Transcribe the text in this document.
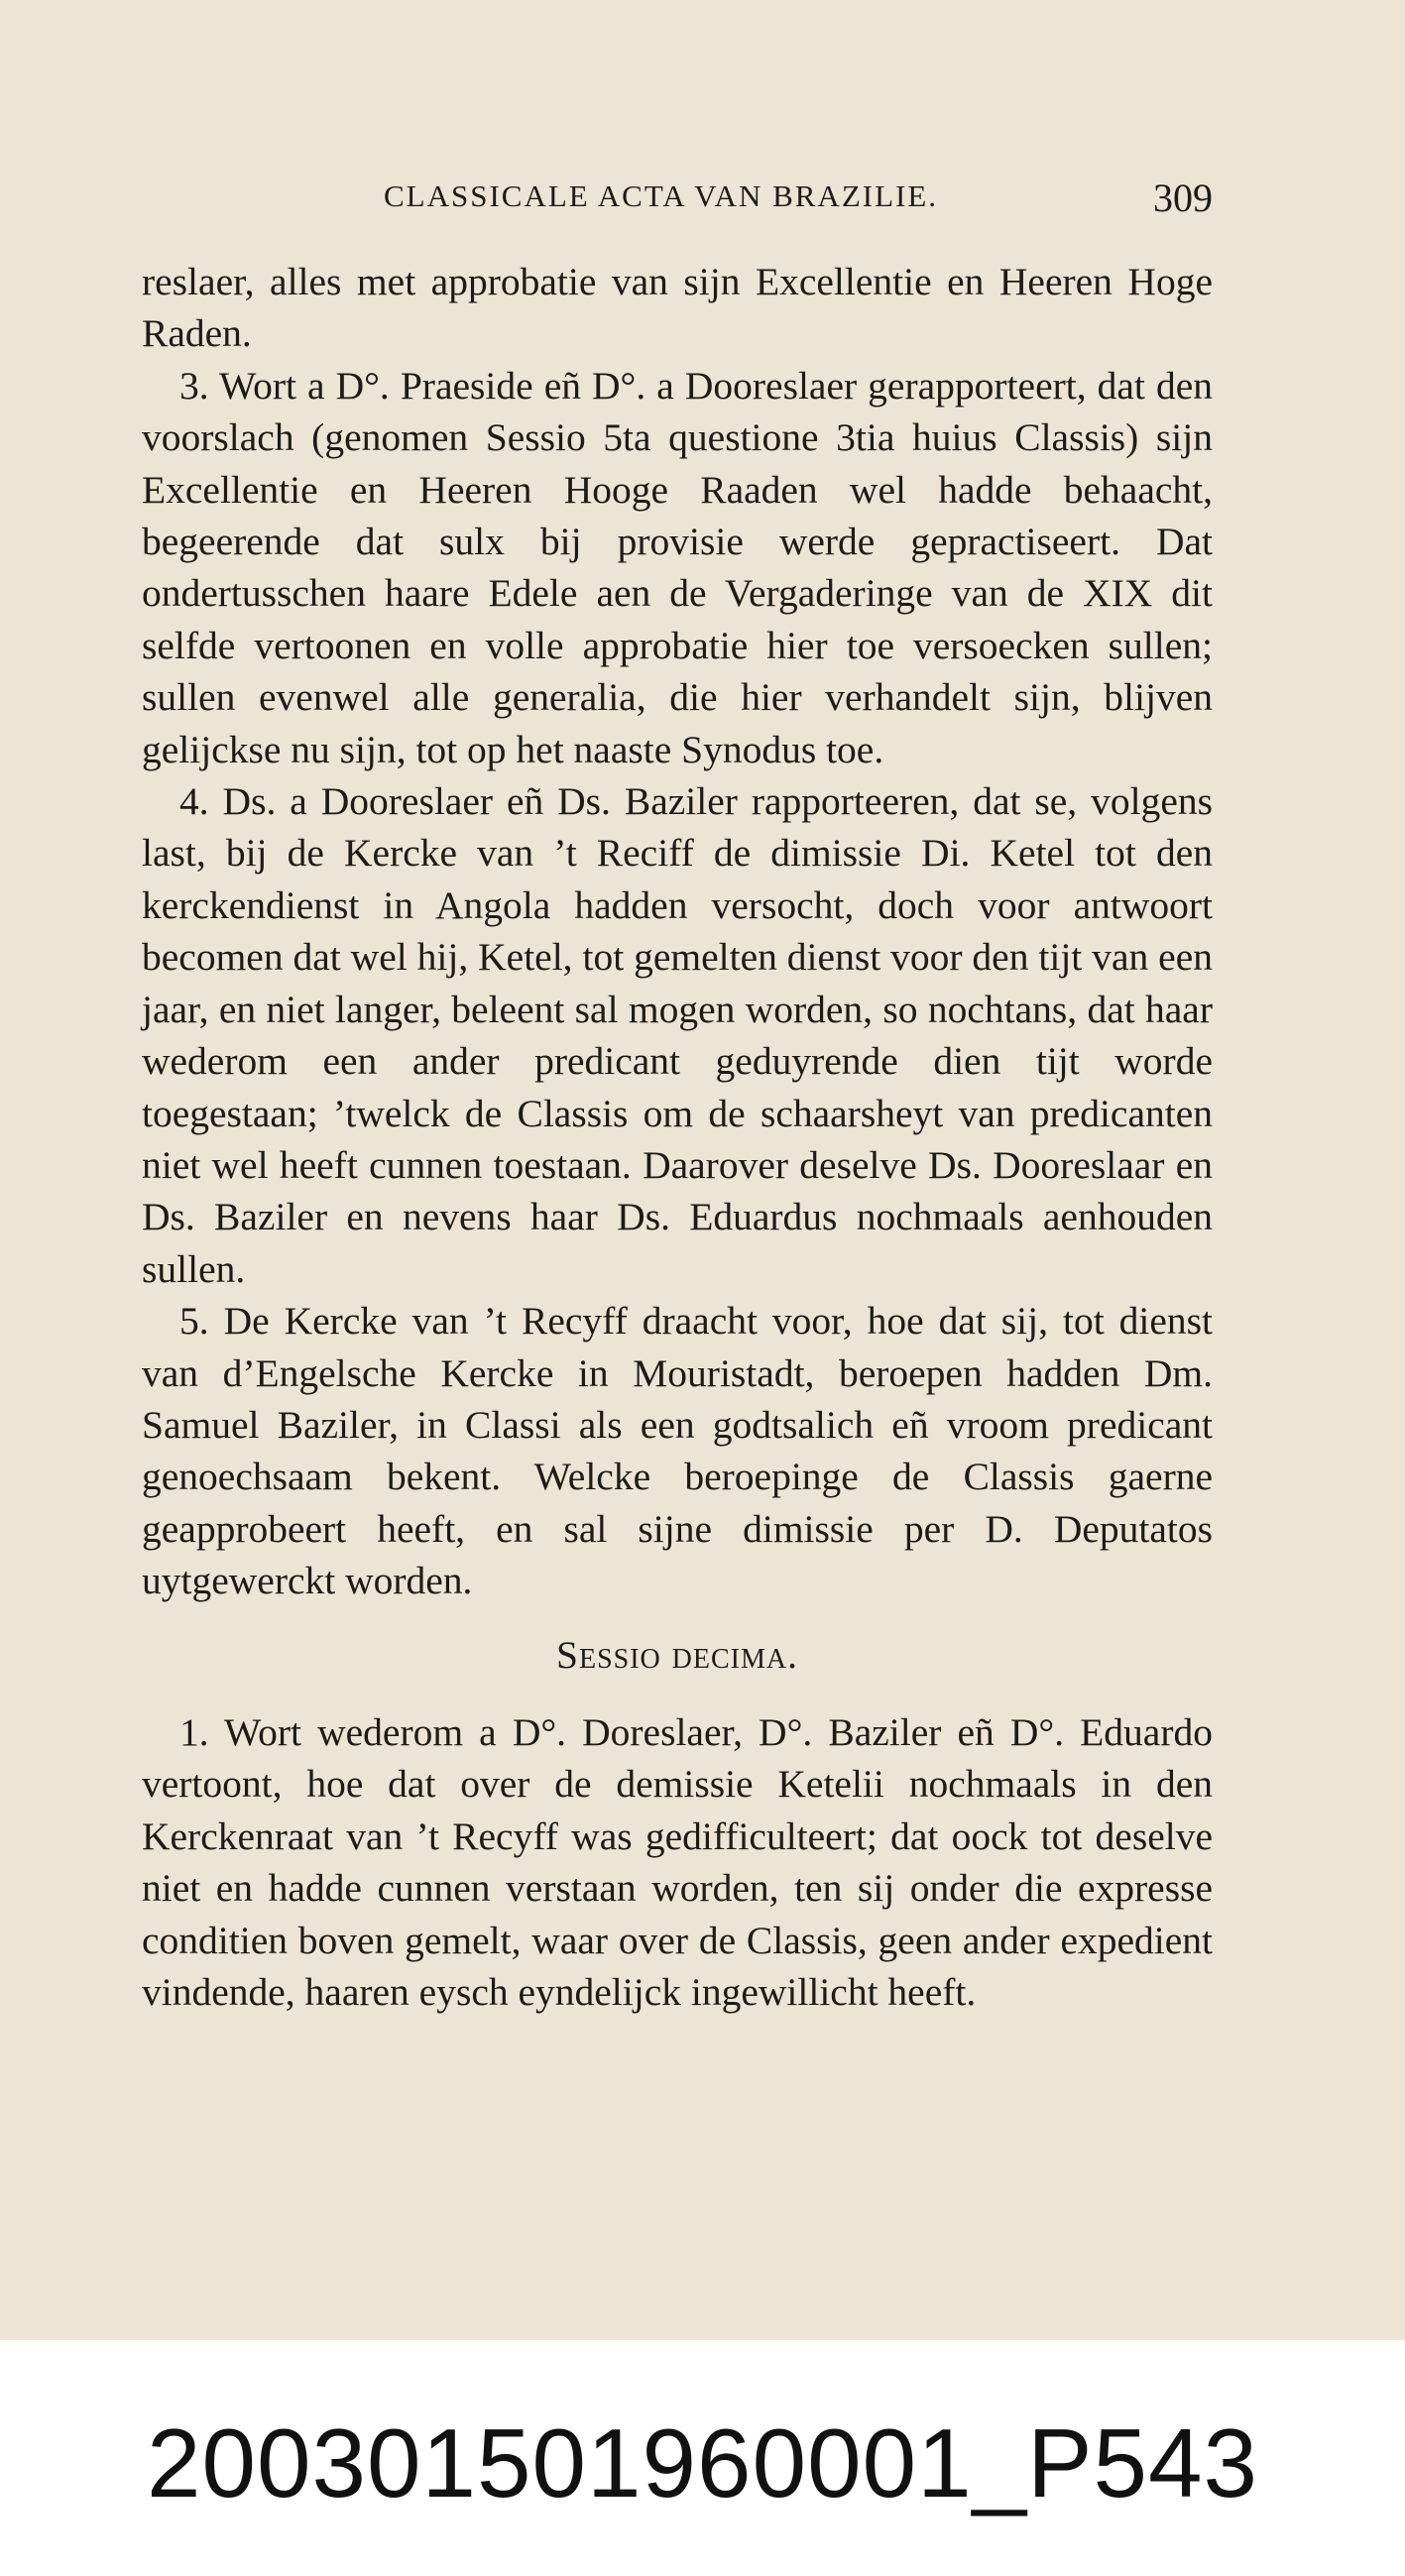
CLASSICALE ACTA VAN BRAZILIE.	309

reslaer, alles met approbatie van sijn Excellentie en Heeren Hoge Raden.

3. Wort a D°. Praeside eñ D°. a Dooreslaer gerapporteert, dat den voorslach (genomen Sessio 5ta questione 3tia huius Classis) sijn Excellentie en Heeren Hooge Raaden wel hadde behaacht, begeerende dat sulx bij provisie werde gepractiseert. Dat ondertusschen haare Edele aen de Vergaderinge van de XIX dit selfde vertoonen en volle approbatie hier toe versoecken sullen; sullen evenwel alle generalia, die hier verhandelt sijn, blijven gelijckse nu sijn, tot op het naaste Synodus toe.

4. Ds. a Dooreslaer eñ Ds. Baziler rapporteeren, dat se, volgens last, bij de Kercke van ’t Reciff de dimissie Di. Ketel tot den kerckendienst in Angola hadden versocht, doch voor antwoort becomen dat wel hij, Ketel, tot gemelten dienst voor den tijt van een jaar, en niet langer, beleent sal mogen worden, so nochtans, dat haar wederom een ander predicant geduyrende dien tijt worde toegestaan; ’twelck de Classis om de schaarsheyt van predicanten niet wel heeft cunnen toestaan. Daarover deselve Ds. Dooreslaar en Ds. Baziler en nevens haar Ds. Eduardus nochmaals aenhouden sullen.

5. De Kercke van ’t Recyff draacht voor, hoe dat sij, tot dienst van d’Engelsche Kercke in Mouristadt, beroepen hadden Dm. Samuel Baziler, in Classi als een godtsalich eñ vroom predicant genoechsaam bekent. Welcke beroepinge de Classis gaerne geapprobeert heeft, en sal sijne dimissie per D. Deputatos uytgewerckt worden.

Sessio decima.

1. Wort wederom a D°. Doreslaer, D°. Baziler eñ D°. Eduardo vertoont, hoe dat over de demissie Ketelii nochmaals in den Kerckenraat van ’t Recyff was gedifficulteert; dat oock tot deselve niet en hadde cunnen verstaan worden, ten sij onder die expresse conditien boven gemelt, waar over de Classis, geen ander expedient vindende, haaren eysch eyndelijck ingewillicht heeft.

20030150196000​1_P543
